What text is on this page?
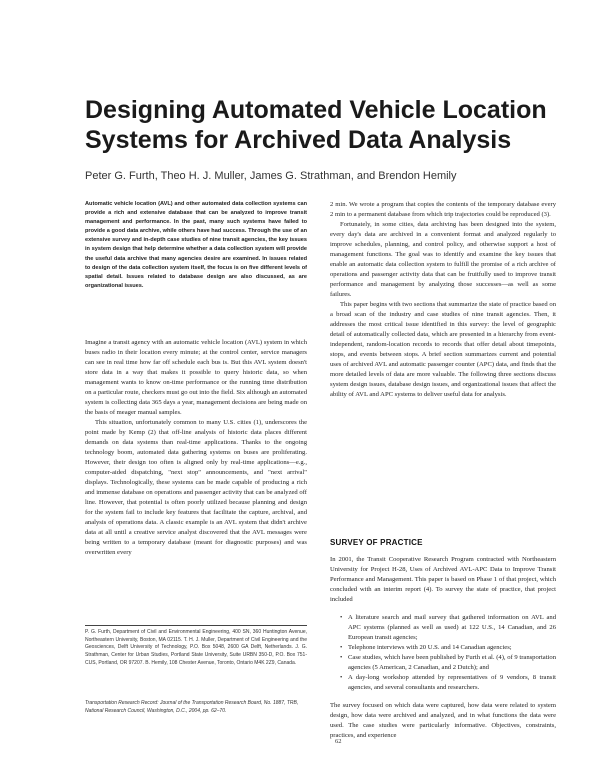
Designing Automated Vehicle Location
Systems for Archived Data Analysis

Peter G. Furth, Theo H. J. Muller, James G. Strathman, and Brendon Hemily

Automatic vehicle location (AVL) and other automated data collection systems can provide a rich and extensive database that can be analyzed to improve transit management and performance. In the past, many such systems have failed to provide a good data archive, while others have had success. Through the use of an extensive survey and in-depth case studies of nine transit agencies, the key issues in system design that help determine whether a data collection system will provide the useful data archive that many agencies desire are examined. In issues related to design of the data collection system itself, the focus is on five different levels of spatial detail. Issues related to database design are also discussed, as are organizational issues.

Imagine a transit agency with an automatic vehicle location (AVL) system in which buses radio in their location every minute; at the control center, service managers can see in real time how far off schedule each bus is. But this AVL system doesn't store data in a way that makes it possible to query historic data, so when management wants to know on-time performance or the running time distribution on a particular route, checkers must go out into the field. Six although an automated system is collecting data 365 days a year, management decisions are being made on the basis of meager manual samples.

This situation, unfortunately common to many U.S. cities (1), underscores the point made by Kemp (2) that off-line analysis of historic data places different demands on data systems than real-time applications. Thanks to the ongoing technology boom, automated data gathering systems on buses are proliferating. However, their design too often is aligned only by real-time applications—e.g., computer-aided dispatching, "next stop" announcements, and "next arrival" displays. Technologically, these systems can be made capable of producing a rich and immense database on operations and passenger activity that can be analyzed off line. However, that potential is often poorly utilized because planning and design for the system fail to include key features that facilitate the capture, archival, and analysis of operations data. A classic example is an AVL system that didn't archive data at all until a creative service analyst discovered that the AVL messages were being written to a temporary database (meant for diagnostic purposes) and was overwritten every

P. G. Furth, Department of Civil and Environmental Engineering, 400 SN, 360 Huntington Avenue, Northeastern University, Boston, MA 02115. T. H. J. Muller, Department of Civil Engineering and the Geosciences, Delft University of Technology, P.O. Box 5048, 2600 GA Delft, Netherlands. J. G. Strathman, Center for Urban Studies, Portland State University, Suite URBN 350-D, P.O. Box 751-CUS, Portland, OR 97207. B. Hemily, 108 Chester Avenue, Toronto, Ontario M4K 2Z9, Canada.

Transportation Research Record: Journal of the Transportation Research Board, No. 1887, TRB, National Research Council, Washington, D.C., 2004, pp. 62–70.

2 min. We wrote a program that copies the contents of the temporary database every 2 min to a permanent database from which trip trajectories could be reproduced (3).

Fortunately, in some cities, data archiving has been designed into the system, every day's data are archived in a convenient format and analyzed regularly to improve schedules, planning, and control policy, and otherwise support a host of management functions. The goal was to identify and examine the key issues that enable an automatic data collection system to fulfill the promise of a rich archive of operations and passenger activity data that can be fruitfully used to improve transit performance and management by analyzing those successes—as well as some failures.

This paper begins with two sections that summarize the state of practice based on a broad scan of the industry and case studies of nine transit agencies. Then, it addresses the most critical issue identified in this survey: the level of geographic detail of automatically collected data, which are presented in a hierarchy from event-independent, random-location records to records that offer detail about timepoints, stops, and events between stops. A brief section summarizes current and potential uses of archived AVL and automatic passenger counter (APC) data, and finds that the more detailed levels of data are more valuable. The following three sections discuss system design issues, database design issues, and organizational issues that affect the ability of AVL and APC systems to deliver useful data for analysis.

SURVEY OF PRACTICE

In 2001, the Transit Cooperative Research Program contracted with Northeastern University for Project H-28, Uses of Archived AVL-APC Data to Improve Transit Performance and Management. This paper is based on Phase 1 of that project, which concluded with an interim report (4). To survey the state of practice, that project included

• A literature search and mail survey that gathered information on AVL and APC systems (planned as well as used) at 122 U.S., 14 Canadian, and 26 European transit agencies;
• Telephone interviews with 20 U.S. and 14 Canadian agencies;
• Case studies, which have been published by Furth et al. (4), of 9 transportation agencies (5 American, 2 Canadian, and 2 Dutch); and
• A day-long workshop attended by representatives of 9 vendors, 8 transit agencies, and several consultants and researchers.

The survey focused on which data were captured, how data were related to system design, how data were archived and analyzed, and in what functions the data were used. The case studies were particularly informative. Objectives, constraints, practices, and experience

62
